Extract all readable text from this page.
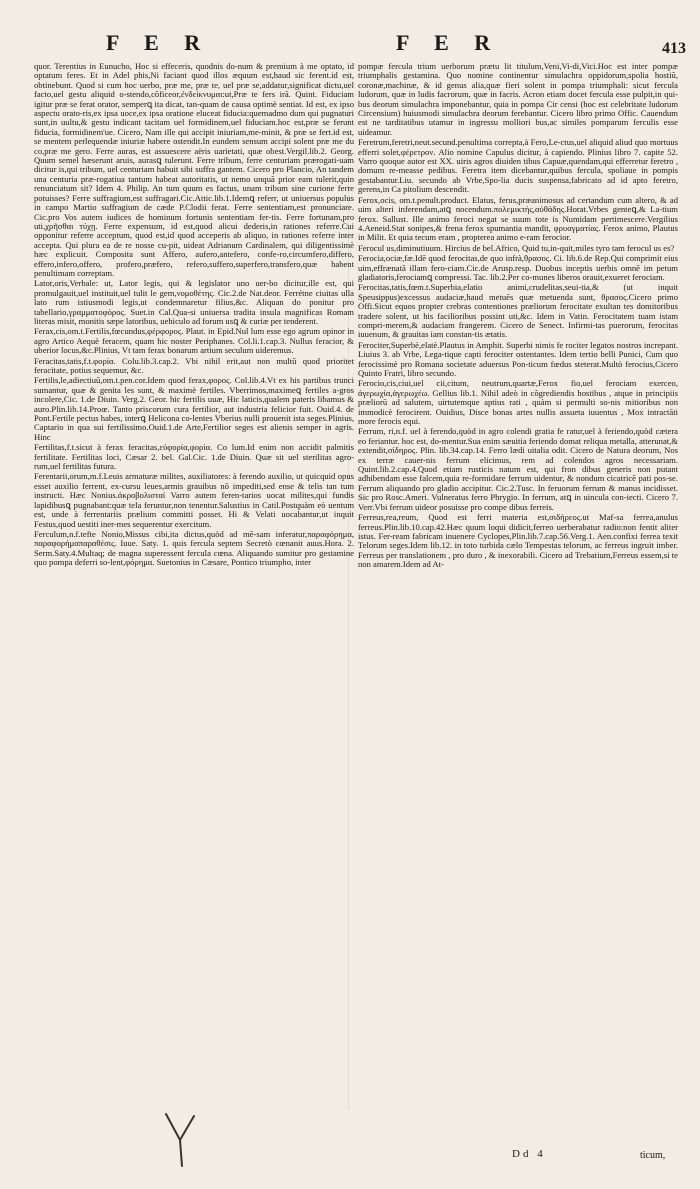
F E R	F E R	413

quor. Terentius in Eunucho, Hoc si effeceris, quodnis do-num & premium à me optato, id optatum feres. Et in Adel phis,Ni faciant quod illos æquum est,haud sic ferent.id est, obtinebunt. Quod si cum hoc uerbo, præ me, præ te, uel præ se,addatur,significat dictu,uel facto,uel gestu aliquid o-stendo,cõficeor,ἐνδείκνυμαι:ut,Præ te fers irā. Quint. Fiduciam igitur præ se ferat orator, semperꝗ ita dicat, tan-quam de causa optimè sentiat. Id est, ex ipso aspectu orato-ris,ex ipsa uoce,ex ipsa oratione eluceat fiducia:quemadmo dum qui pugnaturi sunt,in uultu,& gestu indicant tacitam uel formidinem,uel fiduciam.hoc est,præ se ferunt fiducia, formidinem'ue. Cicero, Nam ille qui accipit iniuriam,me-minit, & præ se fert.id est, se mentem perlequendæ iniuriæ habere ostendit.In eundem sensum accipi solent præ me du co,præ me gero. Ferre auras, est assuescere aëris uarietati, quæ obest.Vergil.lib.2. Georg. Quum semel hæserunt aruis, aurasꝗ tulerunt. Ferre tribum, ferre centuriam prærogati-uam dicitur is,qui tribum, uel centuriam habuit sibi suffra gantem. Cicero pro Plancio, An tandem una centuria præ-rogatiua tantum habeat autoritatis, ut nemo unquã prior eam tulerit,quin renunciatum sit? Idem 4. Philip. An tum quum es factus, unam tribum sine curione ferre potuisses? Ferre suffragium,est suffragari.Cic.Attic.lib.1.Idemꝗ referr, ut uniuersus populus in campo Martio suffragium de cæde P.Clodii ferat. Ferre sententiam,est pronunciare. Cic.pro Vos autem iudices de hominum fortunis sententiam fer-tis. Ferre fortunam,pro uti,χρῆσθαι τύχῃ. Ferre expensum, id est,quod alicui dederis,in rationes referre.Cui opponitur referre acceptum, quod est,id quod acceperis ab aliquo, in rationes referre inter accepta. Qui plura ea de re nosse cu-pit, uideat Adrianum Cardinalem, qui diligentissimè hæc explicuit. Composita sunt Affero, aufero,antefero, confe-ro,circumfero,differo, effero,infero,offero, profero,præfero, refero,suffero,superfero,transfero,quæ habent penultimam correptam.

Lator,oris,Verbale: ut, Lator legis, qui & legislator uno uer-bo dicitur,ille est, qui promulgauit,uel instituit,uel tulit le gem,νομοθέτης. Cic.2.de Nat.deor. Ferrétne ciuitas ulla lato rum istiusmodi legis,ut condemnaretur filius,&c. Aliquan do ponitur pro tabellario,γραμματοφόρος. Suet.in Cal.Qua-si uniuersa tradita insula magnificas Romam literas misit, monitis sæpe latoribus, uehiculo ad forum usꝗ & curiæ per tenderent.

Ferax,cis,om.t.Fertilis,fœcundus,φέρφορος. Plaut. in Epid.Nul lum esse ego agrum opinor in agro Artico Aequè feracem, quam hic noster Periphanes. Col.li.1.cap.3. Nullus feracior, & uberior locus,&c.Plinius, Vt tam ferax bonarum artium seculum uideremus.

Feracitas,tatis,f.t.φορία. Colu.lib.3.cap.2. Vbi nihil erit,aut non multū quod prioritet feracitate, potius sequemur, &c.

Fertilis,le,adiectiuū,om.t.pen.cor.Idem quod ferax,φορος. Col.lib.4.Vt ex his partibus trunci sumantur, quæ & genita les sunt, & maximè fertiles. Vberrimos,maximeꝗ fertiles a-gros incolere,Cic. 1.de Diuin. Verg.2. Geor. hic fertilis uuæ, Hic laticis,qualem pateris libamus & auro.Plin.lib.14.Proœ. Tanto priscorum cura fertilior, aut industria felicior fuit. Ouid.4. de Pont.Fertile pectus habes, interꝗ Helicona co-lentes Vberius nulli prouenit ista seges.Plinius, Captario in qua sui fertilissimo.Ouid.1.de Arte,Fertilior seges est alienis semper in agris. Hinc

Fertilitas,f.t.sicut à ferax feracitas,εὐφορία,φορία. Co lum.Id enim non accidit palmitis fertilitate. Fertilitas loci, Cæsar 2. bel. Gal.Cic. 1.de Diuin. Quæ sit uel sterilitas agro-rum,uel fertilitas futura.

Ferentarii,orum,m.f.Leuis armaturæ milites, auxiliatores: à ferendo auxilio, ut quicquid opus esset auxilio ferrent, ex-cursu leues,armis grauibus nō impediti,sed ense & telis tan tum instructi. Hæc Nonius.ἀκροβολισταί Varro autem feren-tarios uocat milites,qui fundis lapidibusꝗ pugnabant:quæ tela feruntur,non tenentur.Salustius in Catil.Postquàm eò uentum est, unde à ferrentariis prælium committi posset. Hi & Velati uocabantur,ut inquit Festus,quod uestiti iner-mes sequerentur exercitum.

Ferculum,n.f.tefte Nonio,Missus cibi,ita dictus,quòd ad mē-sam inferatur,παραφόρημα, παραφορήμαπαραθέσις. Iuue. Saty. 1. quis fercula septem Secretò cœnanit auus.Hora. 2. Serm.Saty.4.Multaq; de magna superessent fercula cœna. Aliquando sumitur pro gestamine quo pompa deferri so-lent,φόρημα. Suetonius in Cæsare, Pontico triumpho, inter

pompæ fercula trium uerborum prætu lit titulum,Veni,Vi-di,Vici.Hoc est inter pompæ triumphalis gestamina. Quo nomine continentur simulachra oppidorum,spolia hostiū, coronæ,machinæ, & id genus alia,quæ fieri solent in pompa triumphali: sicut fercula ludorum, quæ in ludis facrorum, quæ in facris. Acron etiam docet fercula esse pulpit,in qui-bus deorum simulachra imponebantur, quia in pompa Cir censi (hoc est celebritate ludorum Circensium) huiusmodi simulachra deorum ferebantur. Cicero libro primo Offic. Cauendum est ne tarditatibus utamur in ingressu molliori bus,ac similes pomparum ferculis esse uideamur.

Feretrum,feretri,neut.secund.penultima correpta,à Fero,Le-ctus,uel aliquid aliud quo mortuus efferri solet,φέρετρον. Alio nomine Capulus dicitur, à capiendo. Plinius libro 7. capite 52. Varro quoque autor est XX. uiris agros diuiden tibus Capuæ,quendam,qui efferretur feretro , domum re-measse pedibus. Feretra item dicebantur,quibus fercula, spoliaue in pompis gestabantur.Liu. secundo ab Vrbe,Spo-lia ducis suspensa,fabricato ad id apto feretro, gerens,in Ca pitolium descendit.

Ferox,ocis, om.t.penult.product. Elatus, ferus,præanimosus ad certandum cum altero, & ad uim alteri inferendam,atꝗ nocendum.πολεμικτής,αὐθάδης.Horat.Vrbes genteꝗ,& La-tium ferox. Sallust. Ille animo feroci negat se suum tote is Numidam pertimescere.Vergilius 4.Aeneid.Stat sonipes,& frena ferox spumantia mandit, φρυαγματίας. Ferox animo, Plautus in Milit. Et quia tecum eram , propterea animo e-ram ferocior.

Ferocul us,diminutiuum. Hircius de bel.Africo, Quid tu,in-quit,miles tyro tam ferocul us es?

Ferocia,ociæ,fæ.Idē quod ferocitas,de quo infrà,θρασος. Ci. lib.6.de Rep.Qui comprimit eius uim,effrænatã illam fero-ciam.Cic.de Arusp.resp. Duobus inceptis uerbis omnē im petum gladiatoris,ferociamꝗ compressi. Tac. lib.2.Per co-munes liberos orauit,exueret ferociam.

Ferocitas,tatis,fœm.t.Superbia,elatio animi,crudelitas,seui-tia,& (ut inquit Speusippus)excessus audaciæ,haud metuēs quæ metuenda sunt, θρασος.Cicero primo Offi.Sicut equos propter crebras contentiones præliorum ferocitate exultan tes domitoribus tradere solent, ut his facilioribus possint uti,&c. Idem in Vatin. Ferocitatem tuam istam compri-merem,& audaciam frangerem. Cicero de Senect. Infirmi-tas puerorum, ferocitas iuuenum, & grauitas iam constan-tis ætatis.

Ferociter,Superbè,elatè.Plautus in Amphit. Superbi nimis fe rociter legatos nostros increpant. Liuius 3. ab Vrbe, Lega-tique capti ferociter ostentantes. Idem tertio belli Punici, Cum quo ferocissimè pro Romana societate aduersus Pon-ticum fœdus steterat.Multò ferocius,Cicero Quinto Fratri, libro secundo.

Ferocio,cis,ciui,uel cii,citum, neutrum,quartæ,Ferox fio,uel ferociam exerceo, ἀγερωχία,ἀγερωχέω. Gellius lib.1. Nihil adeò in cõgrediendis hostibus , atque in principiis præliorū ad salutem, uirtutemque aptius rati , quàm si permulti so-nis mitioribus non immodicè ferocirent. Ouidius, Disce bonas artes nullis assueta iuuentus , Mox intractāti more ferocis equi.

Ferrum, ri,n.f. uel à ferendo,quòd in agro colendi gratia fe ratur,uel à feriendo,quòd cætera eo feriantur. hoc est, do-mentur.Sua enim sæuitia feriendo domat reliqua metalla, atterunat,& extendit,σίδηρος. Plin. lib.34.cap.14. Ferro lædi uitalia odit. Cicero de Natura deorum, Nos ex terræ cauer-nis ferrum elicimus, rem ad colendos agros necessariam. Quint.lib.2.cap.4.Quod etiam rusticis natum est, qui fron dibus generis non putant adhibendam esse falcem,quia re-formidare ferrum uidentur, & nondum cicatricē pati pos-se. Ferrum aliquando pro gladio accipitur. Cic.2.Tusc. In feruorum ferrum & manus incidisset. Sic pro Rosc.Ameri. Vulneratus ferro Phrygio. In ferrum, atꝗ in uincula con-iecti. Cicero 7. Verr.Vbi ferrum uideor posuisse pro compe dibus ferreis.

Ferreus,rea,reum, Quod est ferri materia est,σιδήρεος.ut Maf-sa ferrea,anulus ferreus.Plin.lib.10.cap.42.Hæc quum loqui didicit,ferreo uerberabatur radio:non fentit aliter istus. Fer-ream fabricam inuenere Cyclopes,Plin.lib.7.cap.56.Verg.1. Aen.confixi ferrea texit Telorum seges.Idem lib.12. in toto turbida cælo Tempestas telorum, ac ferreus ingruit imber. Ferreus per translationem , pro duro , & inexorabili. Cicero ad Trebatium,Ferreus essem,si te non amarem.Idem ad At-

Dd 4	ticum,
